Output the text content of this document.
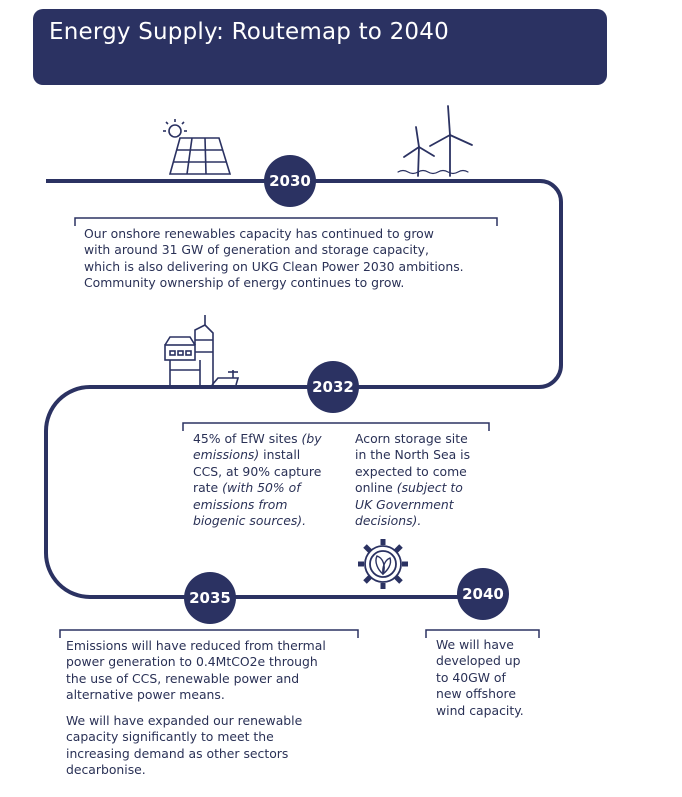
Energy Supply: Routemap to 2040
2030
2032
2035	2040
Our onshore renewables capacity has continued to grow
with around 31 GW of generation and storage capacity,
which is also delivering on UKG Clean Power 2030 ambitions.
Community ownership of energy continues to grow.
45% of EfW sites (by
emissions) install
CCS, at 90% capture
rate (with 50% of
emissions from
biogenic sources).
Acorn storage site
in the North Sea is
expected to come
online (subject to
UK Government
decisions).
Emissions will have reduced from thermal
power generation to 0.4MtCO2e through
the use of CCS, renewable power and
alternative power means.
We will have expanded our renewable
capacity significantly to meet the
increasing demand as other sectors
decarbonise.
We will have
developed up
to 40GW of
new offshore
wind capacity.
